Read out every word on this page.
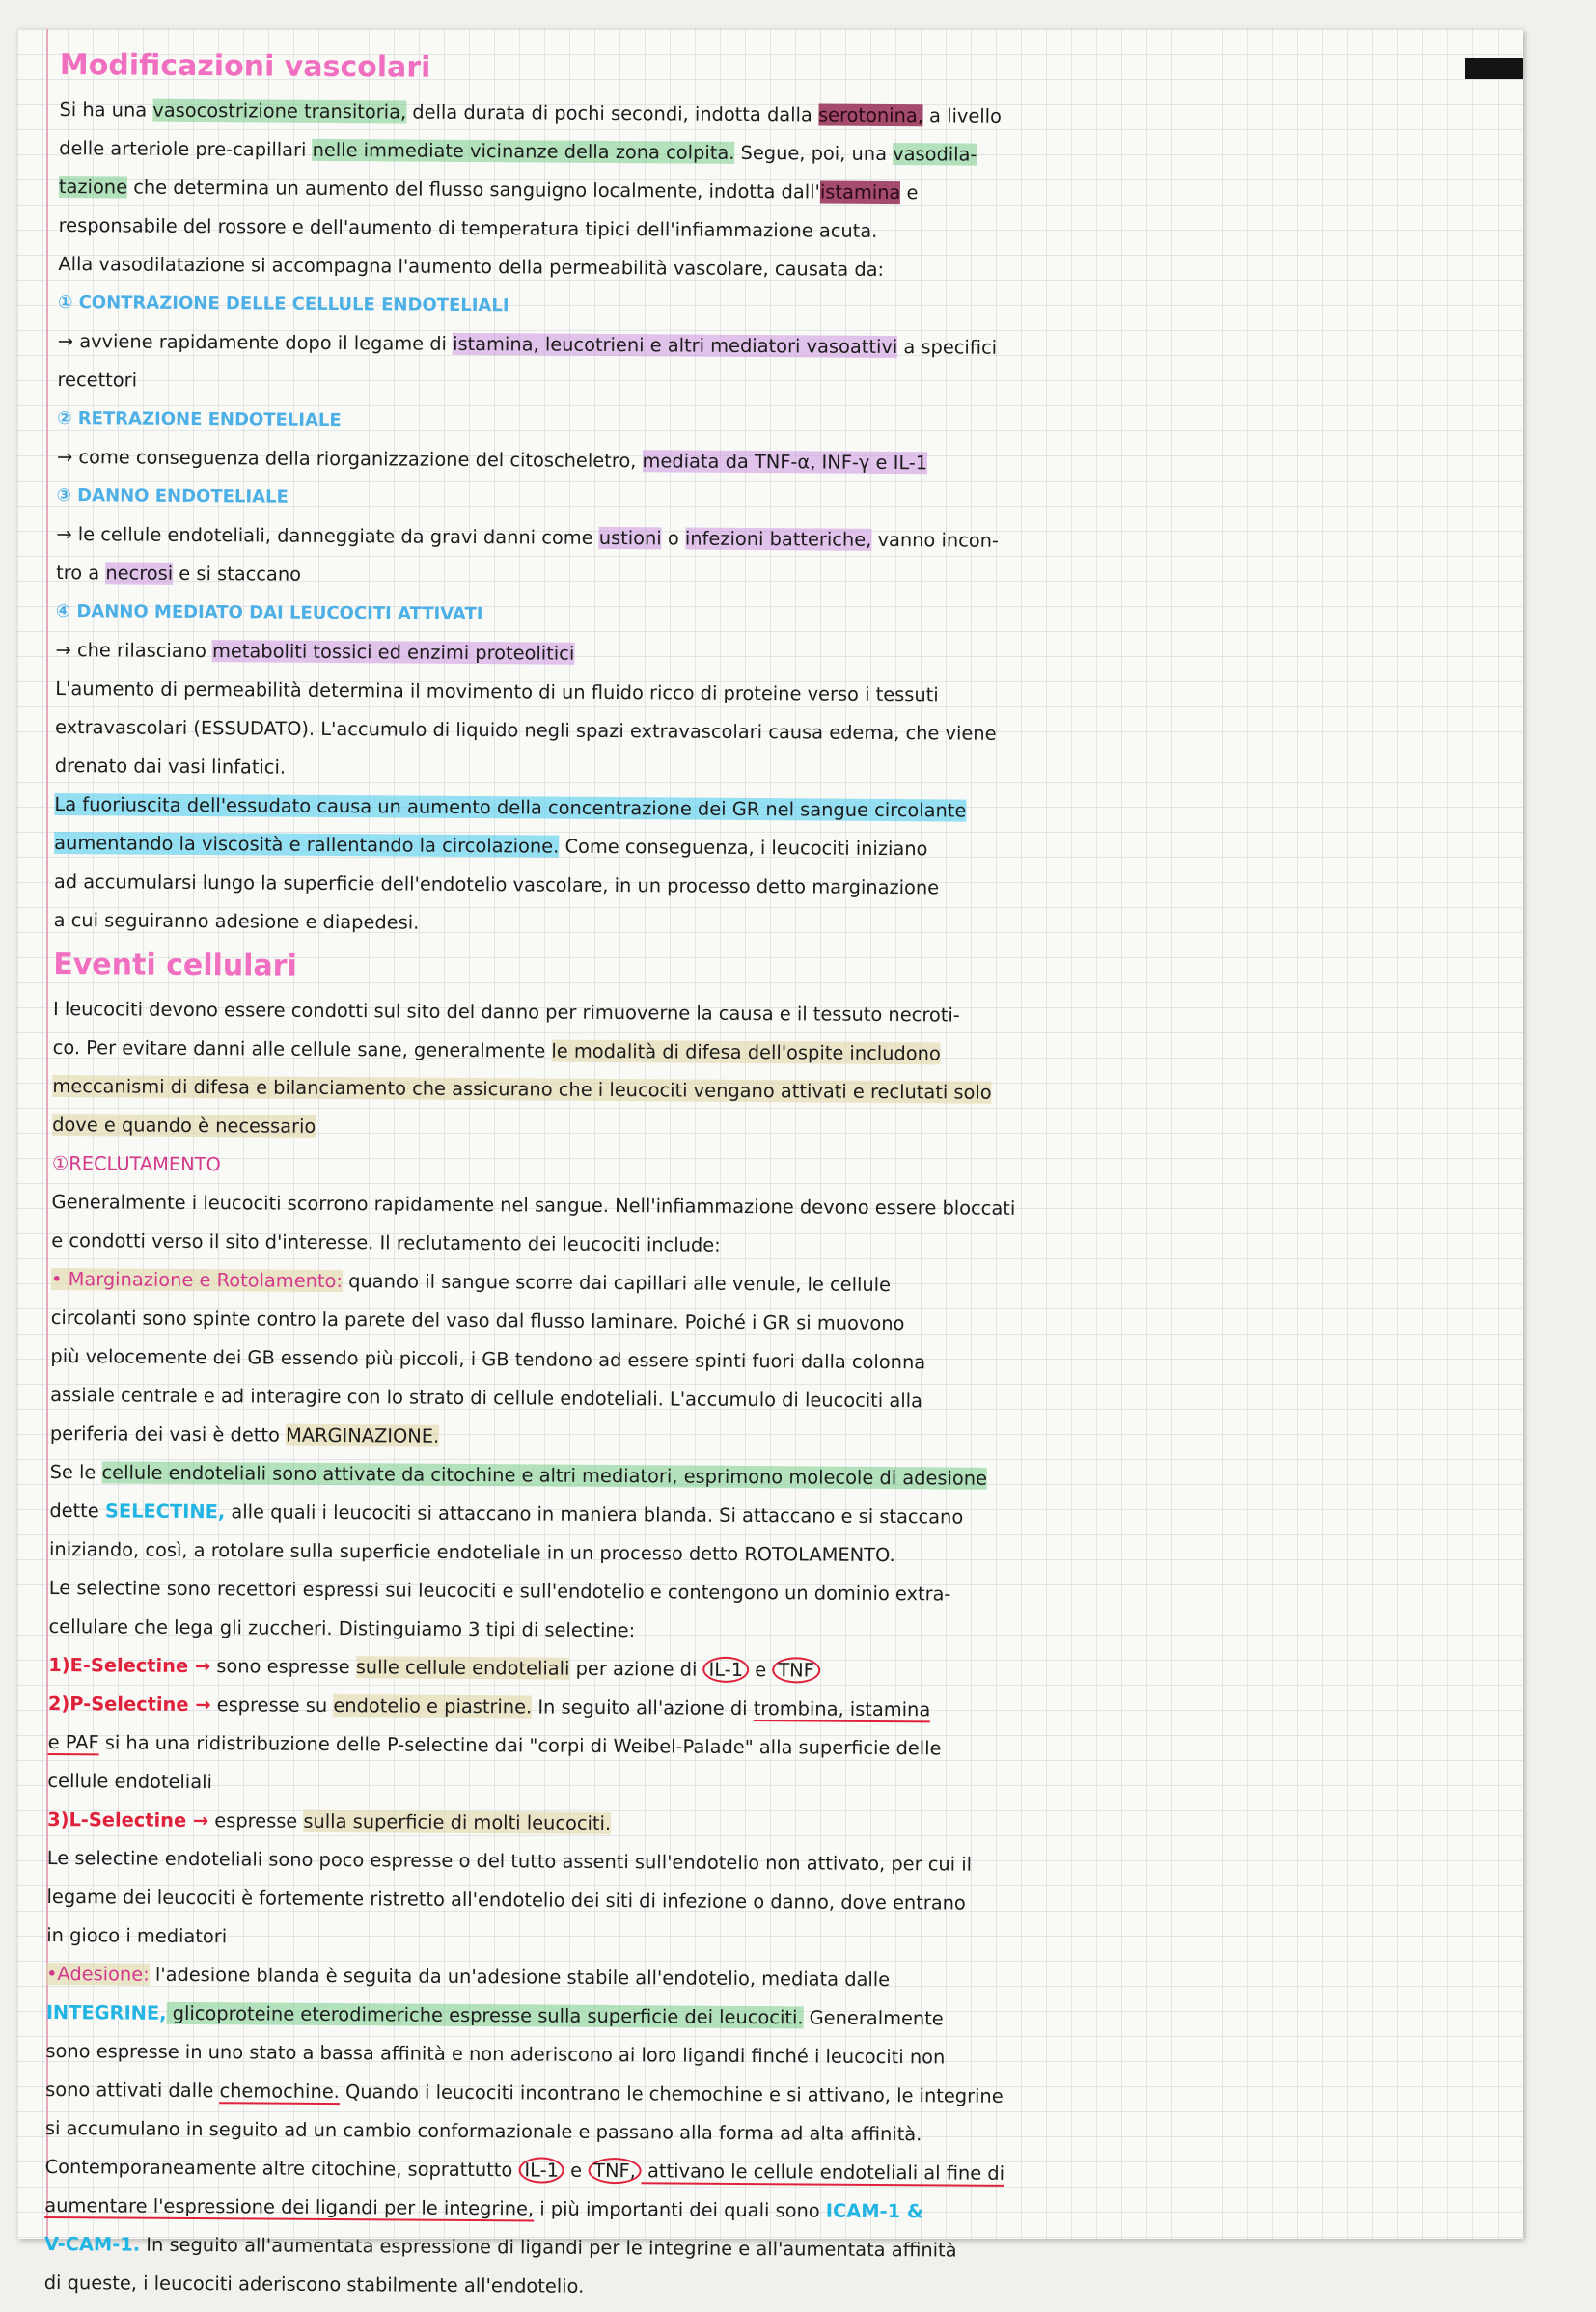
Modificazioni vascolari

Si ha una vasocostrizione transitoria, della durata di pochi secondi, indotta dalla serotonina, a livello

delle arteriole pre-capillari nelle immediate vicinanze della zona colpita. Segue, poi, una vasodila-

tazione che determina un aumento del flusso sanguigno localmente, indotta dall'istamina e

responsabile del rossore e dell'aumento di temperatura tipici dell'infiammazione acuta.

Alla vasodilatazione si accompagna l'aumento della permeabilità vascolare, causata da:

① CONTRAZIONE DELLE CELLULE ENDOTELIALI

→ avviene rapidamente dopo il legame di istamina, leucotrieni e altri mediatori vasoattivi a specifici

recettori

② RETRAZIONE ENDOTELIALE

→ come conseguenza della riorganizzazione del citoscheletro, mediata da TNF-α, INF-γ e IL-1

③ DANNO ENDOTELIALE

→ le cellule endoteliali, danneggiate da gravi danni come ustioni o infezioni batteriche, vanno incon-

tro a necrosi e si staccano

④ DANNO MEDIATO DAI LEUCOCITI ATTIVATI

→ che rilasciano metaboliti tossici ed enzimi proteolitici

L'aumento di permeabilità determina il movimento di un fluido ricco di proteine verso i tessuti

extravascolari (ESSUDATO). L'accumulo di liquido negli spazi extravascolari causa edema, che viene

drenato dai vasi linfatici.

La fuoriuscita dell'essudato causa un aumento della concentrazione dei GR nel sangue circolante

aumentando la viscosità e rallentando la circolazione. Come conseguenza, i leucociti iniziano

ad accumularsi lungo la superficie dell'endotelio vascolare, in un processo detto marginazione

a cui seguiranno adesione e diapedesi.

Eventi cellulari

I leucociti devono essere condotti sul sito del danno per rimuoverne la causa e il tessuto necroti-

co. Per evitare danni alle cellule sane, generalmente le modalità di difesa dell'ospite includono

meccanismi di difesa e bilanciamento che assicurano che i leucociti vengano attivati e reclutati solo

dove e quando è necessario

①RECLUTAMENTO

Generalmente i leucociti scorrono rapidamente nel sangue. Nell'infiammazione devono essere bloccati

e condotti verso il sito d'interesse. Il reclutamento dei leucociti include:

• Marginazione e Rotolamento: quando il sangue scorre dai capillari alle venule, le cellule

circolanti sono spinte contro la parete del vaso dal flusso laminare. Poiché i GR si muovono

più velocemente dei GB essendo più piccoli, i GB tendono ad essere spinti fuori dalla colonna

assiale centrale e ad interagire con lo strato di cellule endoteliali. L'accumulo di leucociti alla

periferia dei vasi è detto MARGINAZIONE.

Se le cellule endoteliali sono attivate da citochine e altri mediatori, esprimono molecole di adesione

dette SELECTINE, alle quali i leucociti si attaccano in maniera blanda. Si attaccano e si staccano

iniziando, così, a rotolare sulla superficie endoteliale in un processo detto ROTOLAMENTO.

Le selectine sono recettori espressi sui leucociti e sull'endotelio e contengono un dominio extra-

cellulare che lega gli zuccheri. Distinguiamo 3 tipi di selectine:

1)E-Selectine → sono espresse sulle cellule endoteliali per azione di IL-1 e TNF

2)P-Selectine → espresse su endotelio e piastrine. In seguito all'azione di trombina, istamina

e PAF si ha una ridistribuzione delle P-selectine dai "corpi di Weibel-Palade" alla superficie delle

cellule endoteliali

3)L-Selectine → espresse sulla superficie di molti leucociti.

Le selectine endoteliali sono poco espresse o del tutto assenti sull'endotelio non attivato, per cui il

legame dei leucociti è fortemente ristretto all'endotelio dei siti di infezione o danno, dove entrano

in gioco i mediatori

•Adesione: l'adesione blanda è seguita da un'adesione stabile all'endotelio, mediata dalle

INTEGRINE, glicoproteine eterodimeriche espresse sulla superficie dei leucociti. Generalmente

sono espresse in uno stato a bassa affinità e non aderiscono ai loro ligandi finché i leucociti non

sono attivati dalle chemochine. Quando i leucociti incontrano le chemochine e si attivano, le integrine

si accumulano in seguito ad un cambio conformazionale e passano alla forma ad alta affinità.

Contemporaneamente altre citochine, soprattutto IL-1 e TNF, attivano le cellule endoteliali al fine di

aumentare l'espressione dei ligandi per le integrine, i più importanti dei quali sono ICAM-1 &

V-CAM-1. In seguito all'aumentata espressione di ligandi per le integrine e all'aumentata affinità

di queste, i leucociti aderiscono stabilmente all'endotelio.
